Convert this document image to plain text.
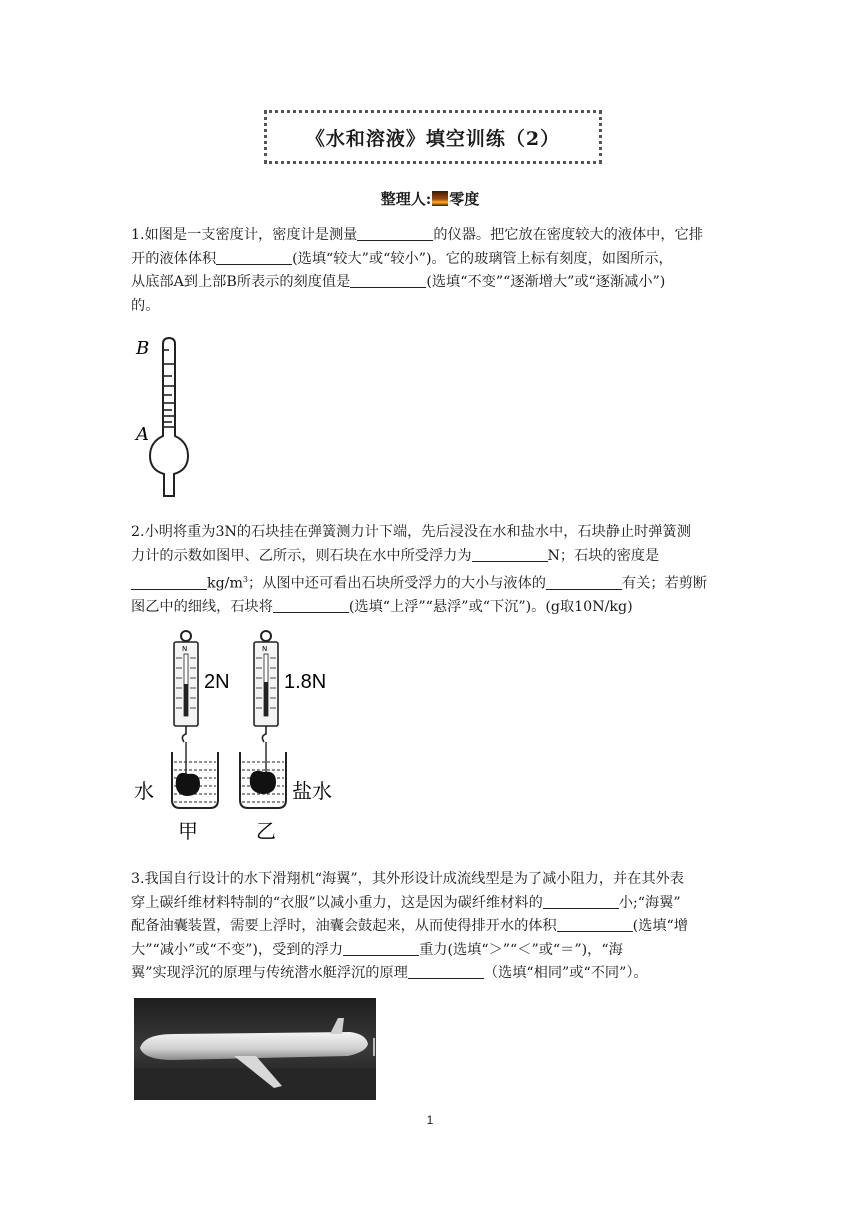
《水和溶液》填空训练（2）
整理人: 零度
1.如图是一支密度计，密度计是测量	的仪器。把它放在密度较大的液体中，它排
开的液体体积	(选填“较大”或“较小”)。它的玻璃管上标有刻度，如图所示，
从底部A到上部B所表示的刻度值是	(选填“不变”“逐渐增大”或“逐渐减小”)
的。
B
A
2.小明将重为3N的石块挂在弹簧测力计下端，先后浸没在水和盐水中，石块静止时弹簧测
力计的示数如图甲、乙所示，则石块在水中所受浮力为	N；石块的密度是
$kg/m^3$；从图中还可看出石块所受浮力的大小与液体的	有关；若剪断
图乙中的细线，石块将	(选填“上浮”“悬浮”或“下沉”)。(g取10N/kg)
N
2N
水
甲
N
1.8N
盐水
乙
3.我国自行设计的水下滑翔机“海翼”，其外形设计成流线型是为了减小阻力，并在其外表
穿上碳纤维材料特制的“衣服”以减小重力，这是因为碳纤维材料的	小;“海翼”
配备油囊装置，需要上浮时，油囊会鼓起来，从而使得排开水的体积	(选填“增
大”“减小”或“不变”)，受到的浮力	重力(选填“＞”“＜”或“＝”)，“海
翼”实现浮沉的原理与传统潜水艇浮沉的原理	（选填“相同”或“不同”）。
1
